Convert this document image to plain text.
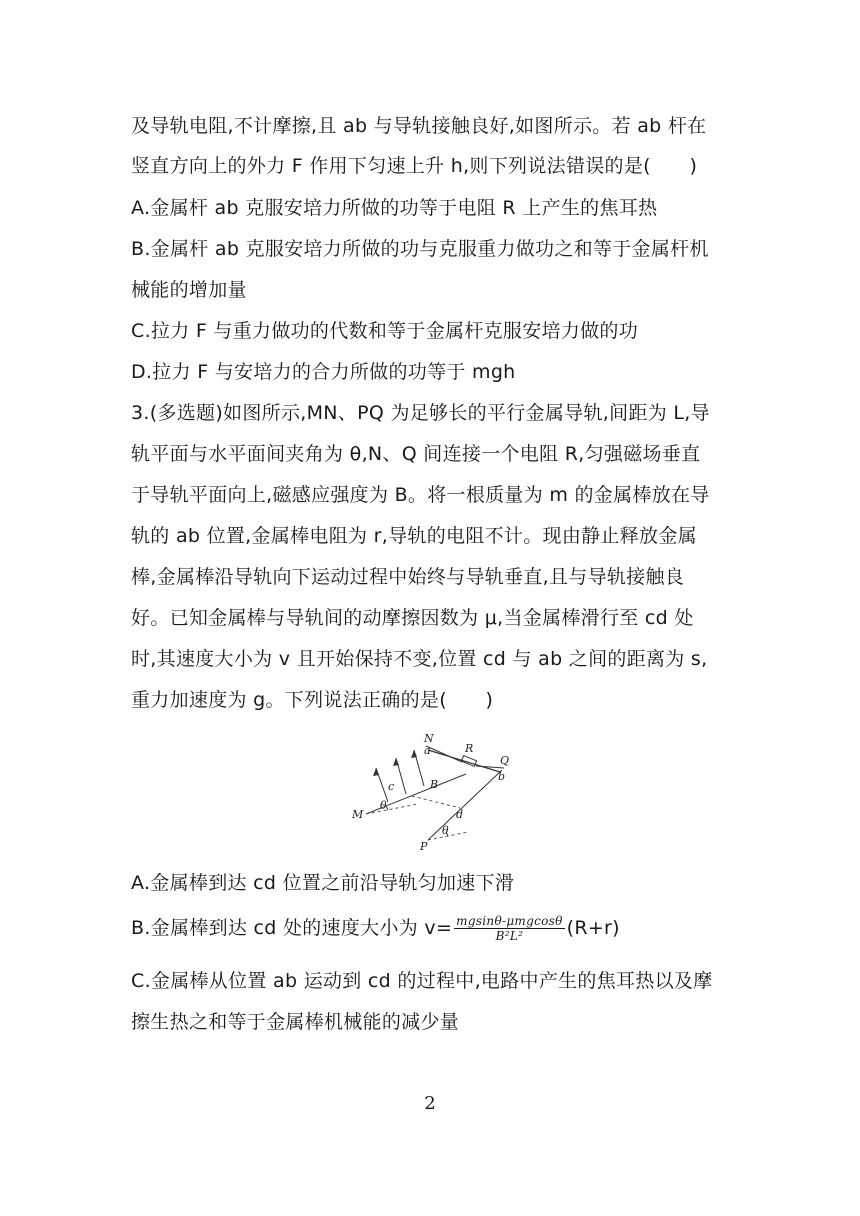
及导轨电阻,不计摩擦,且 ab 与导轨接触良好,如图所示。若 ab 杆在
竖直方向上的外力 F 作用下匀速上升 h,则下列说法错误的是(　　)
A.金属杆 ab 克服安培力所做的功等于电阻 R 上产生的焦耳热
B.金属杆 ab 克服安培力所做的功与克服重力做功之和等于金属杆机
械能的增加量
C.拉力 F 与重力做功的代数和等于金属杆克服安培力做的功
D.拉力 F 与安培力的合力所做的功等于 mgh
3.(多选题)如图所示,MN、PQ 为足够长的平行金属导轨,间距为 L,导
轨平面与水平面间夹角为 θ,N、Q 间连接一个电阻 R,匀强磁场垂直
于导轨平面向上,磁感应强度为 B。将一根质量为 m 的金属棒放在导
轨的 ab 位置,金属棒电阻为 r,导轨的电阻不计。现由静止释放金属
棒,金属棒沿导轨向下运动过程中始终与导轨垂直,且与导轨接触良
好。已知金属棒与导轨间的动摩擦因数为 μ,当金属棒滑行至 cd 处
时,其速度大小为 v 且开始保持不变,位置 cd 与 ab 之间的距离为 s,
重力加速度为 g。下列说法正确的是(　　)
N
a	R
Q
b
c	B
d
M
P
θ
θ
A.金属棒到达 cd 位置之前沿导轨匀加速下滑
B.金属棒到达 cd 处的速度大小为 $v= \frac{\text{mgsinθ-μmgcosθ}}{\text{B²L²}} (R+r)$
C.金属棒从位置 ab 运动到 cd 的过程中,电路中产生的焦耳热以及摩
擦生热之和等于金属棒机械能的减少量
2
